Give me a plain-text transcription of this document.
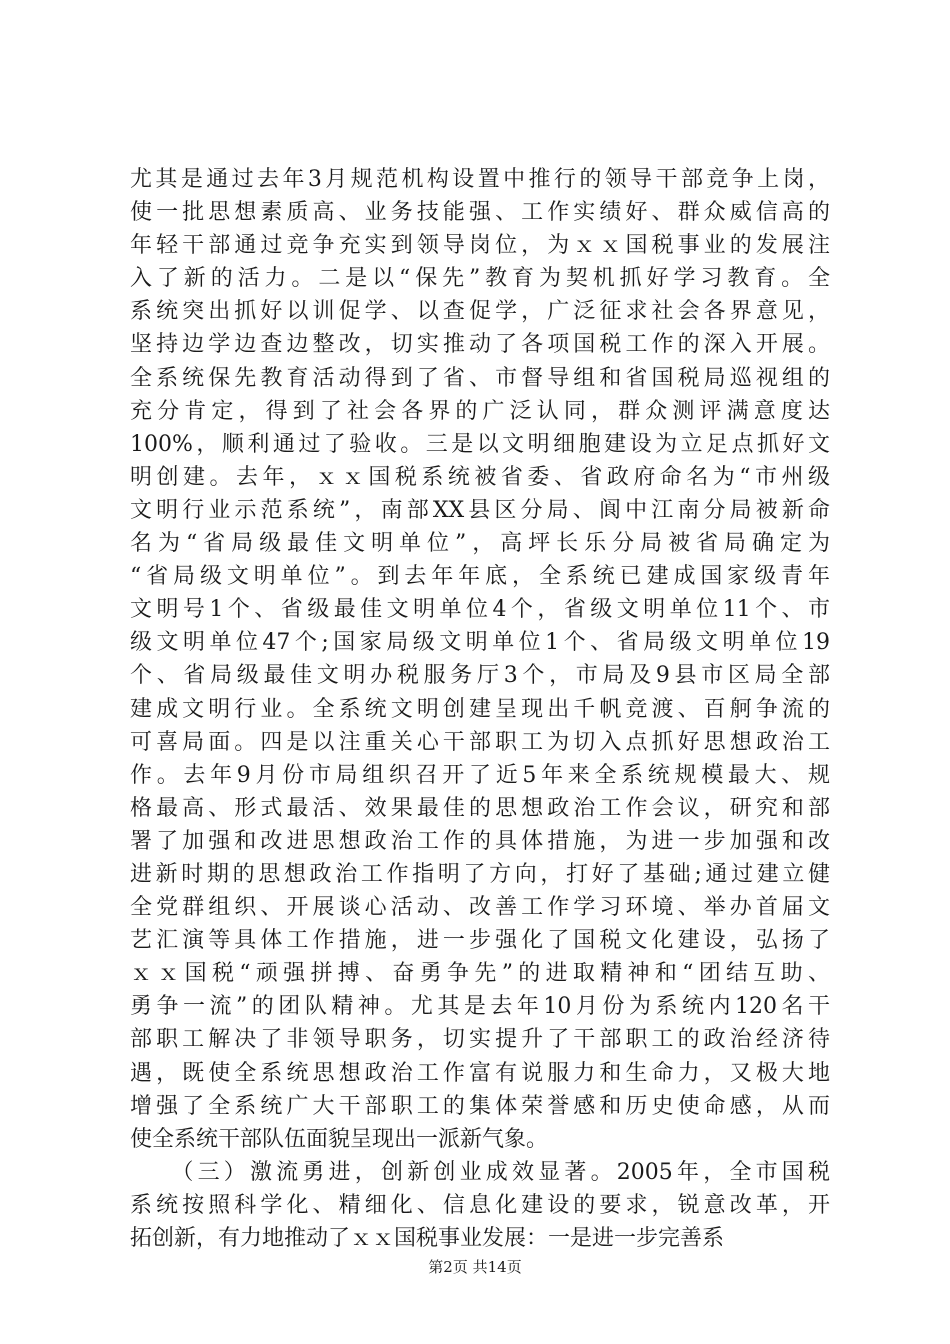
尤其是通过去年3月规范机构设置中推行的领导干部竞争上岗，
使一批思想素质高、业务技能强、工作实绩好、群众威信高的
年轻干部通过竞争充实到领导岗位，为ｘｘ国税事业的发展注
入了新的活力。二是以“保先”教育为契机抓好学习教育。全
系统突出抓好以训促学、以查促学，广泛征求社会各界意见，
坚持边学边查边整改，切实推动了各项国税工作的深入开展。
全系统保先教育活动得到了省、市督导组和省国税局巡视组的
充分肯定，得到了社会各界的广泛认同，群众测评满意度达
100%，顺利通过了验收。三是以文明细胞建设为立足点抓好文
明创建。去年，ｘｘ国税系统被省委、省政府命名为“市州级
文明行业示范系统”，南部XX县区分局、阆中江南分局被新命
名为“省局级最佳文明单位”，高坪长乐分局被省局确定为
“省局级文明单位”。到去年年底，全系统已建成国家级青年
文明号1个、省级最佳文明单位4个，省级文明单位11个、市
级文明单位47个;国家局级文明单位1个、省局级文明单位19
个、省局级最佳文明办税服务厅3个，市局及9县市区局全部
建成文明行业。全系统文明创建呈现出千帆竞渡、百舸争流的
可喜局面。四是以注重关心干部职工为切入点抓好思想政治工
作。去年9月份市局组织召开了近5年来全系统规模最大、规
格最高、形式最活、效果最佳的思想政治工作会议，研究和部
署了加强和改进思想政治工作的具体措施，为进一步加强和改
进新时期的思想政治工作指明了方向，打好了基础;通过建立健
全党群组织、开展谈心活动、改善工作学习环境、举办首届文
艺汇演等具体工作措施，进一步强化了国税文化建设，弘扬了
ｘｘ国税“顽强拼搏、奋勇争先”的进取精神和“团结互助、
勇争一流”的团队精神。尤其是去年10月份为系统内120名干
部职工解决了非领导职务，切实提升了干部职工的政治经济待
遇，既使全系统思想政治工作富有说服力和生命力，又极大地
增强了全系统广大干部职工的集体荣誉感和历史使命感，从而
使全系统干部队伍面貌呈现出一派新气象。
　　（三）激流勇进，创新创业成效显著。2005年，全市国税
系统按照科学化、精细化、信息化建设的要求，锐意改革，开
拓创新，有力地推动了ｘｘ国税事业发展：一是进一步完善系
第2页 共14页
